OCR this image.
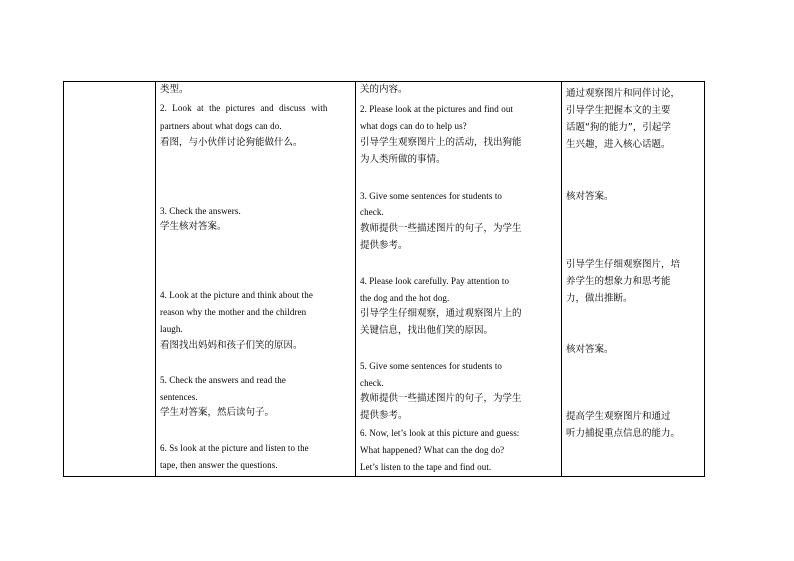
类型。
2. Look at the pictures and discuss with
partners about what dogs can do.
看图，与小伙伴讨论狗能做什么。
3. Check the answers.
学生核对答案。
4. Look at the picture and think about the
reason why the mother and the children
laugh.
看图找出妈妈和孩子们笑的原因。
5. Check the answers and read the
sentences.
学生对答案，然后读句子。
6. Ss look at the picture and listen to the
tape, then answer the questions.
关的内容。
2. Please look at the pictures and find out
what dogs can do to help us?
引导学生观察图片上的活动，找出狗能
为人类所做的事情。
3. Give some sentences for students to
check.
教师提供一些描述图片的句子，为学生
提供参考。
4. Please look carefully. Pay attention to
the dog and the hot dog.
引导学生仔细观察，通过观察图片上的
关键信息，找出他们笑的原因。
5. Give some sentences for students to
check.
教师提供一些描述图片的句子，为学生
提供参考。
6. Now, let’s look at this picture and guess:
What happened? What can the dog do?
Let’s listen to the tape and find out.
通过观察图片和同伴讨论，
引导学生把握本文的主要
话题“狗的能力”，引起学
生兴趣，进入核心话题。
核对答案。
引导学生仔细观察图片，培
养学生的想象力和思考能
力，做出推断。
核对答案。
提高学生观察图片和通过
听力捕捉重点信息的能力。
